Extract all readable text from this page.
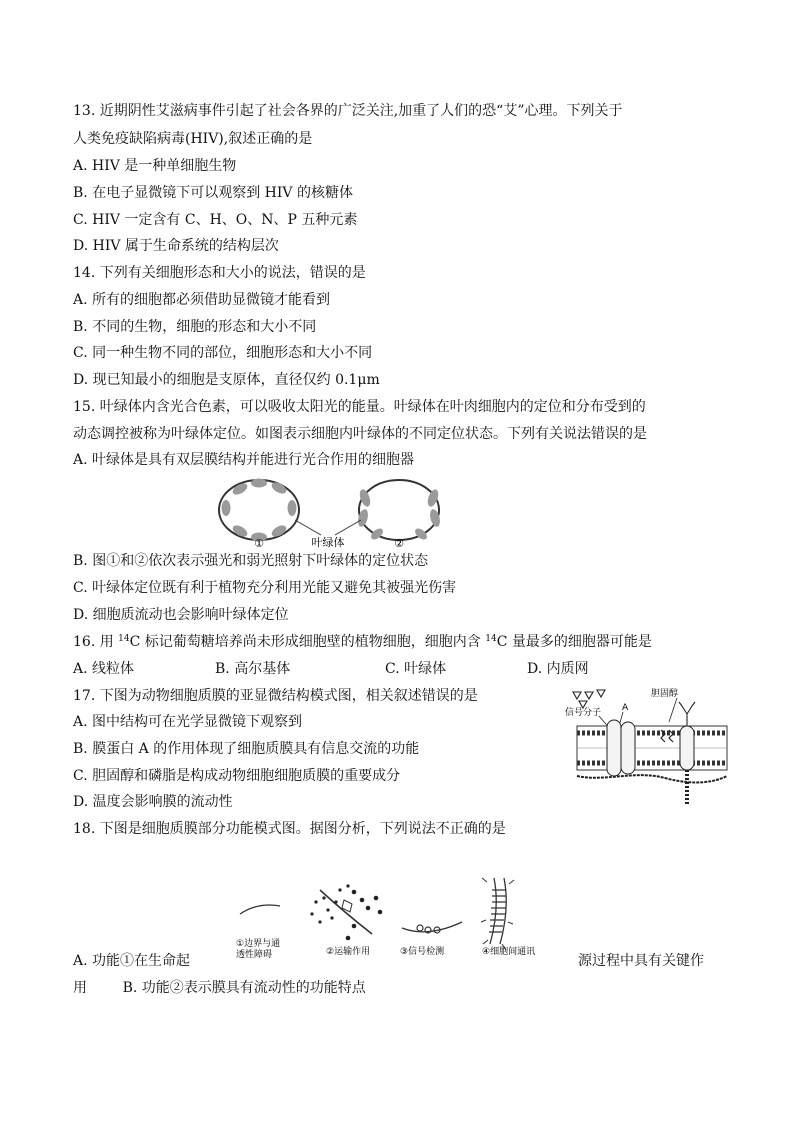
13. 近期阴性艾滋病事件引起了社会各界的广泛关注,加重了人们的恐“艾”心理。下列关于
人类免疫缺陷病毒(HIV),叙述正确的是
A. HIV 是一种单细胞生物
B. 在电子显微镜下可以观察到 HIV 的核糖体
C. HIV 一定含有 C、H、O、N、P 五种元素
D. HIV 属于生命系统的结构层次
14. 下列有关细胞形态和大小的说法，错误的是
A. 所有的细胞都必须借助显微镜才能看到
B. 不同的生物，细胞的形态和大小不同
C. 同一种生物不同的部位，细胞形态和大小不同
D. 现已知最小的细胞是支原体，直径仅约 0.1μm
15. 叶绿体内含光合色素，可以吸收太阳光的能量。叶绿体在叶肉细胞内的定位和分布受到的
动态调控被称为叶绿体定位。如图表示细胞内叶绿体的不同定位状态。下列有关说法错误的是
A. 叶绿体是具有双层膜结构并能进行光合作用的细胞器
①	叶绿体	②
B. 图①和②依次表示强光和弱光照射下叶绿体的定位状态
C. 叶绿体定位既有利于植物充分利用光能又避免其被强光伤害
D. 细胞质流动也会影响叶绿体定位
16. 用 $^{14}$C 标记葡萄糖培养尚未形成细胞壁的植物细胞，细胞内含 $^{14}$C 量最多的细胞器可能是
A. 线粒体	B. 高尔基体	C. 叶绿体	D. 内质网
17. 下图为动物细胞质膜的亚显微结构模式图，相关叙述错误的是
A. 图中结构可在光学显微镜下观察到
B. 膜蛋白 A 的作用体现了细胞质膜具有信息交流的功能
C. 胆固醇和磷脂是构成动物细胞细胞质膜的重要成分
D. 温度会影响膜的流动性
信号分子 A
胆固醇
18. 下图是细胞质膜部分功能模式图。据图分析，下列说法不正确的是
①边界与通
透性障碍	②运输作用	③信号检测	④细胞间通讯
A. 功能①在生命起	源过程中具有关键作
用        B. 功能②表示膜具有流动性的功能特点
